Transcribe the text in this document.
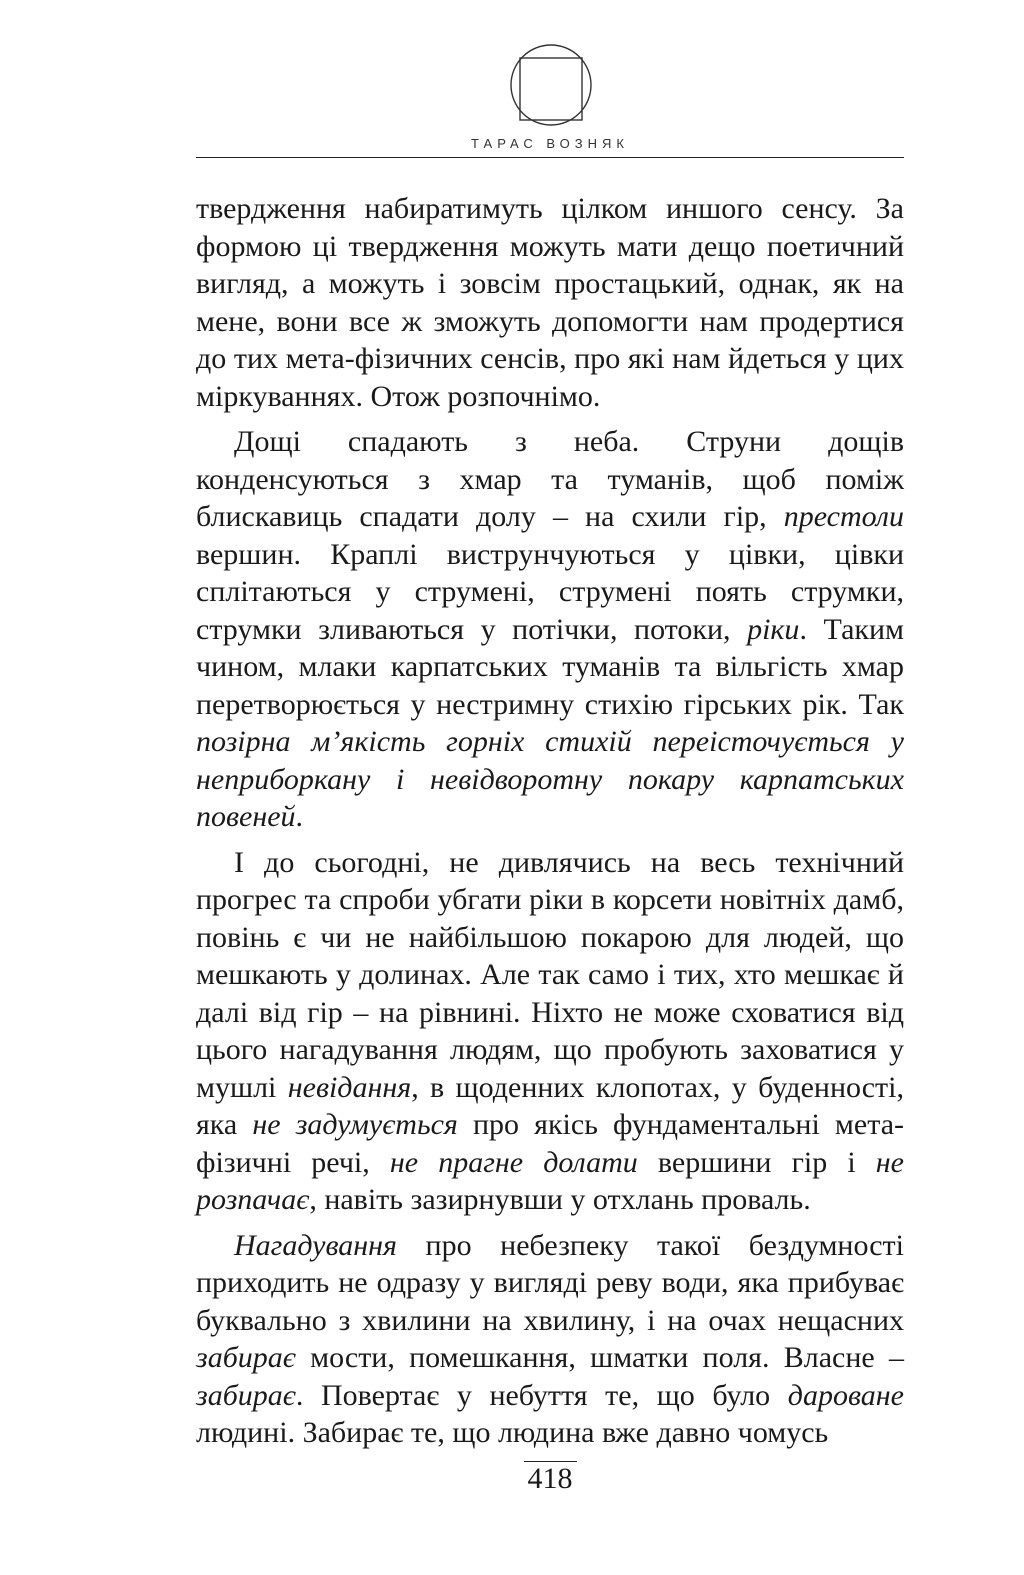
ТАРАС ВОЗНЯК

твердження набиратимуть цілком иншого сенсу. За формою ці твердження можуть мати дещо поетичний вигляд, а можуть і зовсім простацький, однак, як на мене, вони все ж зможуть допомогти нам продертися до тих мета-фізичних сенсів, про які нам йдеться у цих міркуваннях. Отож розпочнімо.

Дощі спадають з неба. Струни дощів конденсуються з хмар та туманів, щоб поміж блискавиць спадати долу – на схили гір, престоли вершин. Краплі виструнчуються у цівки, цівки сплітаються у струмені, струмені поять струмки, струмки зливаються у потічки, потоки, ріки. Таким чином, млаки карпатських туманів та вільгість хмар перетворюється у нестримну стихію гірських рік. Так позірна м’якість горніх стихій переісточується у неприборкану і невідворотну покару карпатських повеней.

І до сьогодні, не дивлячись на весь технічний прогрес та спроби убгати ріки в корсети новітніх дамб, повінь є чи не найбільшою покарою для людей, що мешкають у долинах. Але так само і тих, хто мешкає й далі від гір – на рівнині. Ніхто не може сховатися від цього нагадування людям, що пробують заховатися у мушлі невідання, в щоденних клопотах, у буденності, яка не задумується про якісь фундаментальні мета-фізичні речі, не прагне долати вершини гір і не розпачає, навіть зазирнувши у отхлань проваль.

Нагадування про небезпеку такої бездумності приходить не одразу у вигляді реву води, яка прибуває буквально з хвилини на хвилину, і на очах нещасних забирає мости, помешкання, шматки поля. Власне – забирає. Повертає у небуття те, що було дароване людині. Забирає те, що людина вже давно чомусь

418
